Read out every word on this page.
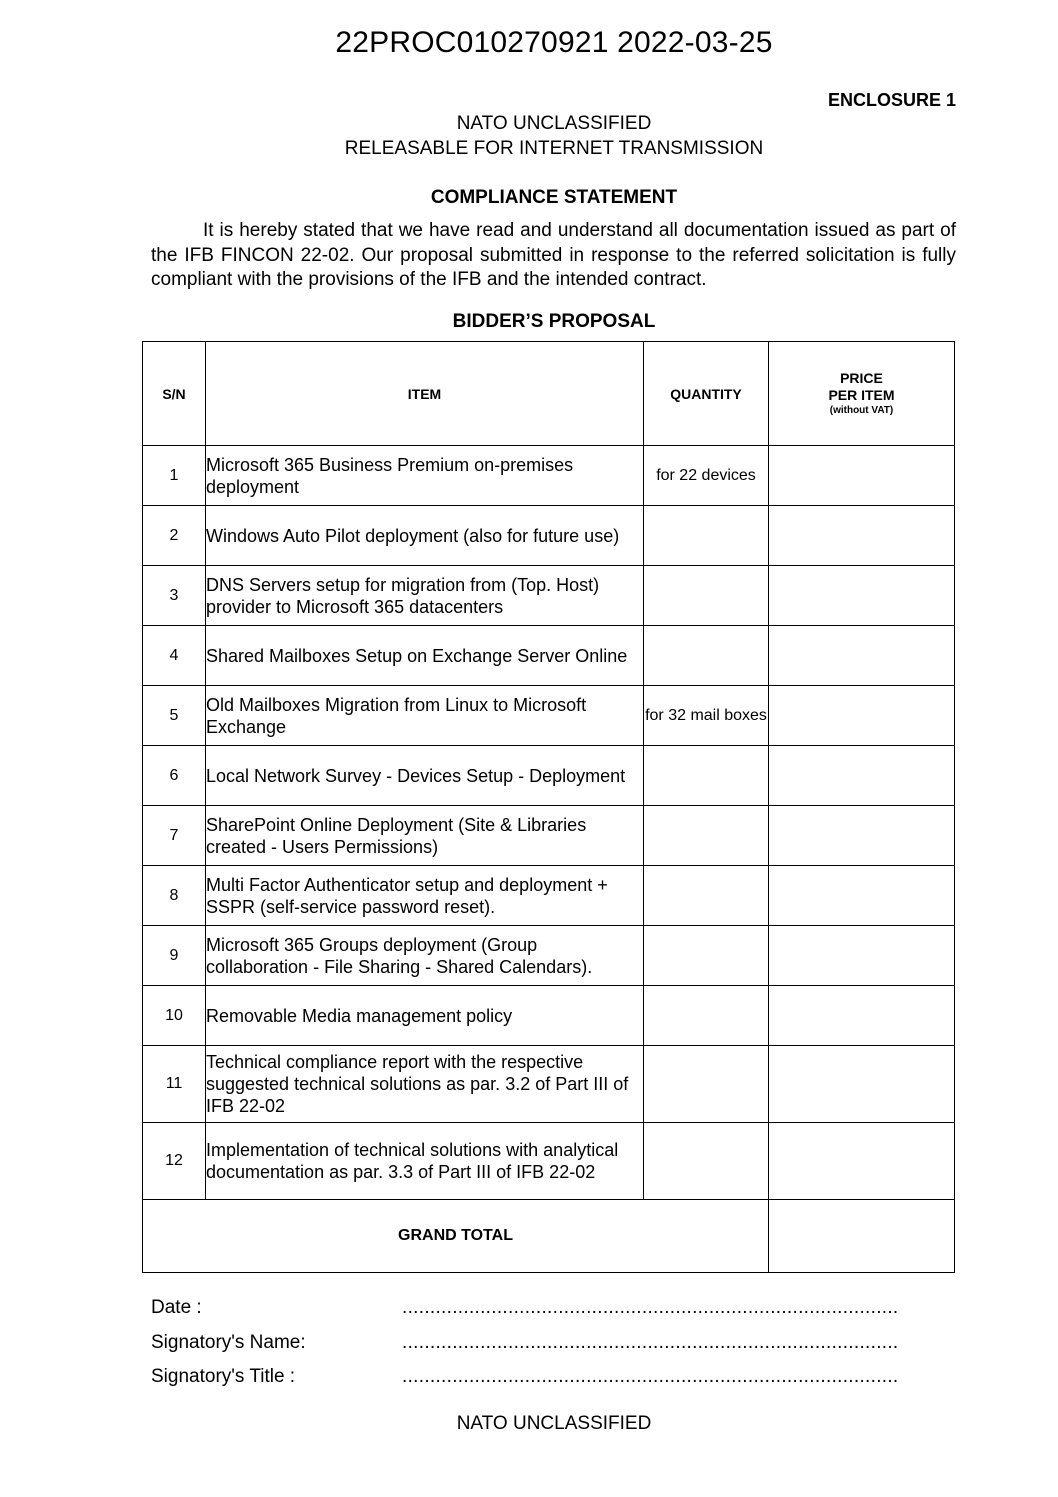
22PROC010270921 2022-03-25
ENCLOSURE 1
NATO UNCLASSIFIED
RELEASABLE FOR INTERNET TRANSMISSION
COMPLIANCE STATEMENT
It is hereby stated that we have read and understand all documentation issued as part of the IFB FINCON 22-02. Our proposal submitted in response to the referred solicitation is fully compliant with the provisions of the IFB and the intended contract.
BIDDER’S PROPOSAL
S/N	ITEM	QUANTITY	PRICE
PER ITEM
(without VAT)

1	Microsoft 365 Business Premium on-premises deployment	for 22 devices	
2	Windows Auto Pilot deployment (also for future use)		
3	DNS Servers setup for migration from (Top. Host) provider to Microsoft 365 datacenters		
4	Shared Mailboxes Setup on Exchange Server Online		
5	Old Mailboxes Migration from Linux to Microsoft Exchange	for 32 mail boxes	
6	Local Network Survey - Devices Setup - Deployment		
7	SharePoint Online Deployment (Site & Libraries created - Users Permissions)		
8	Multi Factor Authenticator setup and deployment + SSPR (self-service password reset).		
9	Microsoft 365 Groups deployment (Group collaboration - File Sharing - Shared Calendars).		
10	Removable Media management policy		
11	Technical compliance report with the respective suggested technical solutions as par. 3.2 of Part III of IFB 22-02		
12	Implementation of technical solutions with analytical documentation as par. 3.3 of Part III of IFB 22-02		
GRAND TOTAL			
Date :	.........................................................................................
Signatory's Name:	.........................................................................................
Signatory's Title :	.........................................................................................
NATO UNCLASSIFIED
